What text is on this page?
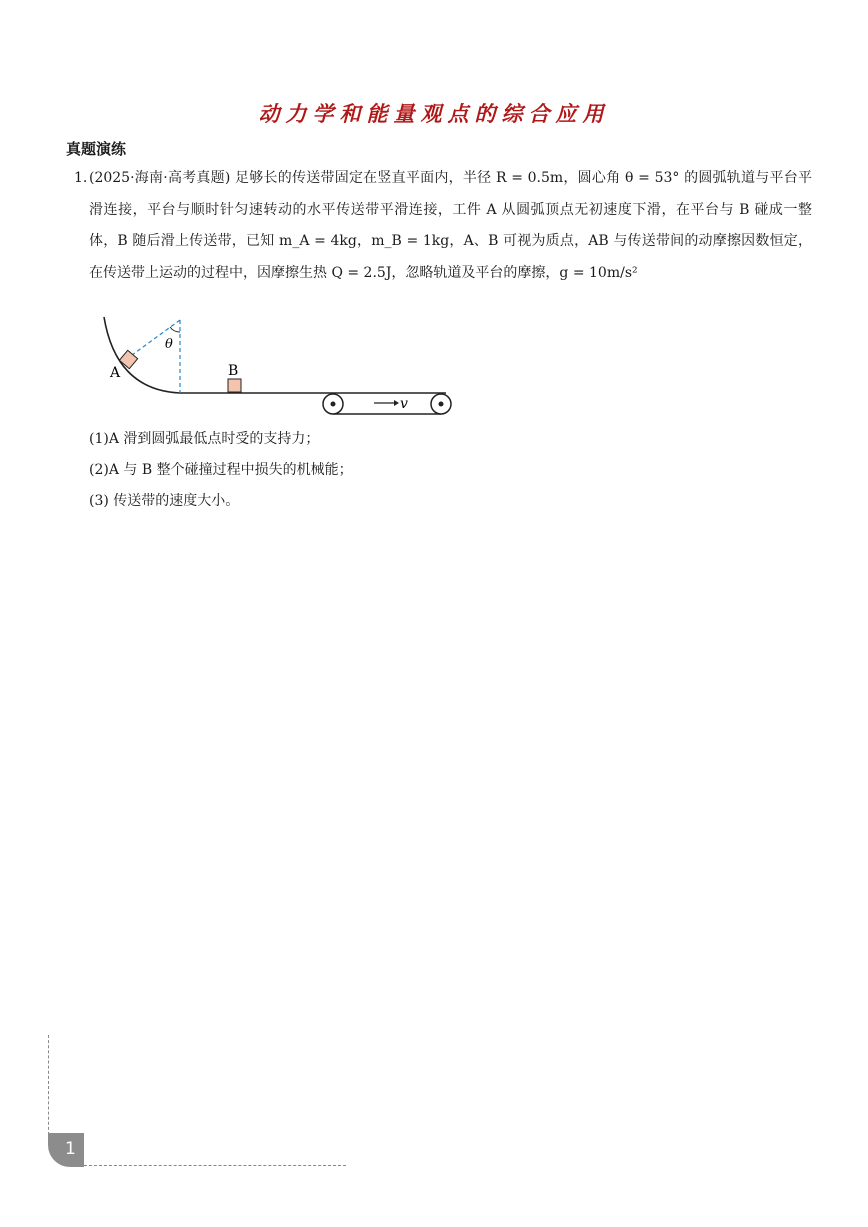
动力学和能量观点的综合应用
真题演练
1. (2025·海南·高考真题) 足够长的传送带固定在竖直平面内，半径 R = 0.5m，圆心角 θ = 53° 的圆弧轨道与平台平滑连接，平台与顺时针匀速转动的水平传送带平滑连接，工件 A 从圆弧顶点无初速度下滑，在平台与 B 碰成一整体，B 随后滑上传送带，已知 m_A = 4kg，m_B = 1kg，A、B 可视为质点，AB 与传送带间的动摩擦因数恒定，在传送带上运动的过程中，因摩擦生热 Q = 2.5J，忽略轨道及平台的摩擦，g = 10m/s²
θ
A	B
v
(1)A 滑到圆弧最低点时受的支持力；
(2)A 与 B 整个碰撞过程中损失的机械能；
(3) 传送带的速度大小。
1
